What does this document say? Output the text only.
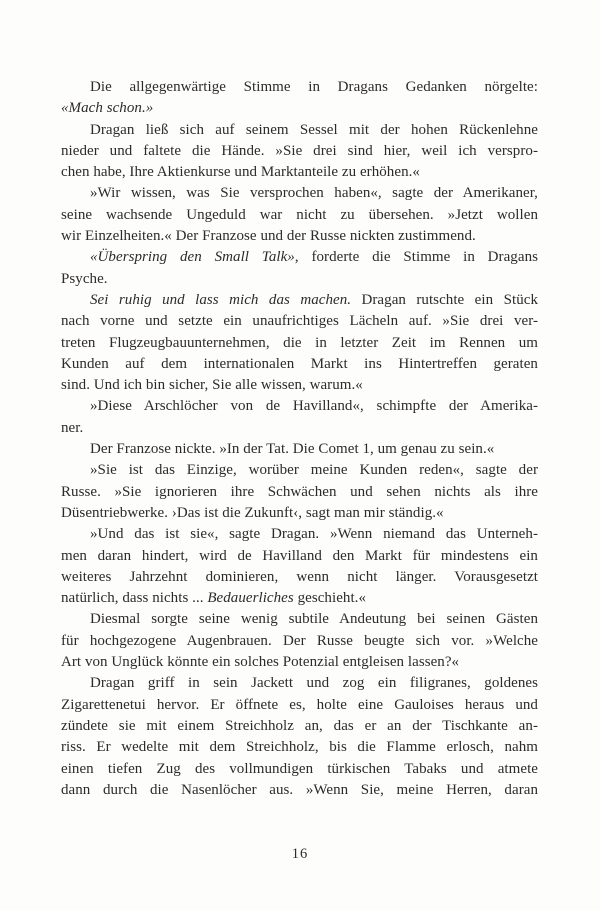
Die allgegenwärtige Stimme in Dragans Gedanken nörgelte:
«Mach schon.»
Dragan ließ sich auf seinem Sessel mit der hohen Rückenlehne
nieder und faltete die Hände. »Sie drei sind hier, weil ich verspro-
chen habe, Ihre Aktienkurse und Marktanteile zu erhöhen.«
»Wir wissen, was Sie versprochen haben«, sagte der Amerikaner,
seine wachsende Ungeduld war nicht zu übersehen. »Jetzt wollen
wir Einzelheiten.« Der Franzose und der Russe nickten zustimmend.
«Überspring den Small Talk», forderte die Stimme in Dragans
Psyche.
Sei ruhig und lass mich das machen. Dragan rutschte ein Stück
nach vorne und setzte ein unaufrichtiges Lächeln auf. »Sie drei ver-
treten Flugzeugbauunternehmen, die in letzter Zeit im Rennen um
Kunden auf dem internationalen Markt ins Hintertreffen geraten
sind. Und ich bin sicher, Sie alle wissen, warum.«
»Diese Arschlöcher von de Havilland«, schimpfte der Amerika-
ner.
Der Franzose nickte. »In der Tat. Die Comet 1, um genau zu sein.«
»Sie ist das Einzige, worüber meine Kunden reden«, sagte der
Russe. »Sie ignorieren ihre Schwächen und sehen nichts als ihre
Düsentriebwerke. ›Das ist die Zukunft‹, sagt man mir ständig.«
»Und das ist sie«, sagte Dragan. »Wenn niemand das Unterneh-
men daran hindert, wird de Havilland den Markt für mindestens ein
weiteres Jahrzehnt dominieren, wenn nicht länger. Vorausgesetzt
natürlich, dass nichts ... Bedauerliches geschieht.«
Diesmal sorgte seine wenig subtile Andeutung bei seinen Gästen
für hochgezogene Augenbrauen. Der Russe beugte sich vor. »Welche
Art von Unglück könnte ein solches Potenzial entgleisen lassen?«
Dragan griff in sein Jackett und zog ein filigranes, goldenes
Zigarettenetui hervor. Er öffnete es, holte eine Gauloises heraus und
zündete sie mit einem Streichholz an, das er an der Tischkante an-
riss. Er wedelte mit dem Streichholz, bis die Flamme erlosch, nahm
einen tiefen Zug des vollmundigen türkischen Tabaks und atmete
dann durch die Nasenlöcher aus. »Wenn Sie, meine Herren, daran
16
